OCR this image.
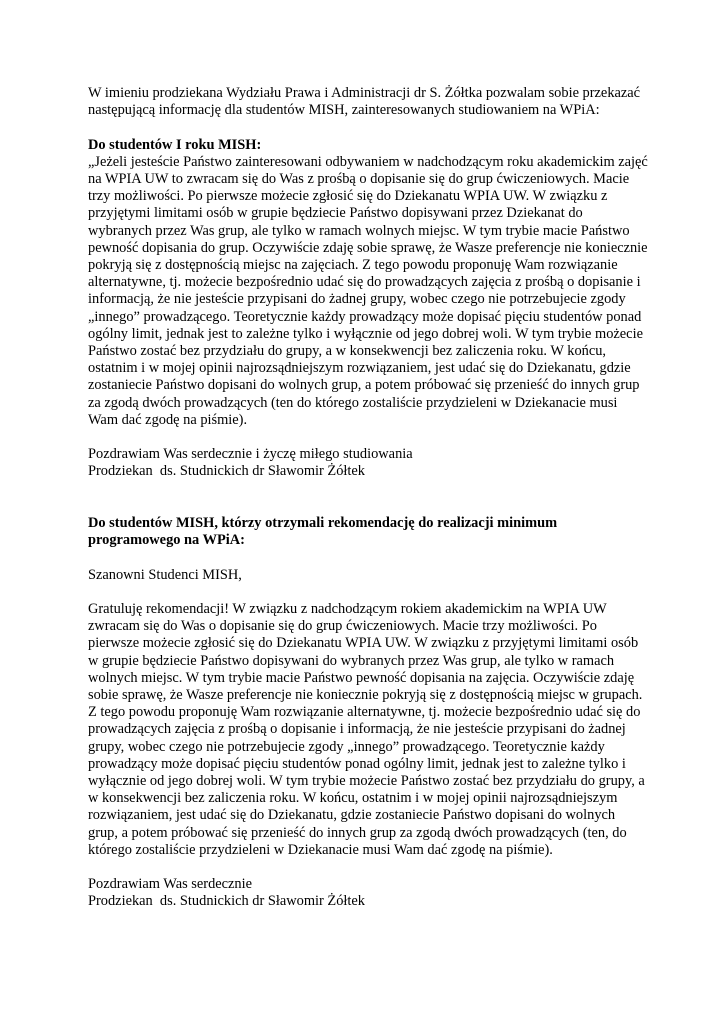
W imieniu prodziekana Wydziału Prawa i Administracji dr S. Żółtka pozwalam sobie przekazać następującą informację dla studentów MISH, zainteresowanych studiowaniem na WPiA:

Do studentów I roku MISH:

„Jeżeli jesteście Państwo zainteresowani odbywaniem w nadchodzącym roku akademickim zajęć na WPIA UW to zwracam się do Was z prośbą o dopisanie się do grup ćwiczeniowych. Macie trzy możliwości. Po pierwsze możecie zgłosić się do Dziekanatu WPIA UW. W związku z przyjętymi limitami osób w grupie będziecie Państwo dopisywani przez Dziekanat do wybranych przez Was grup, ale tylko w ramach wolnych miejsc. W tym trybie macie Państwo pewność dopisania do grup. Oczywiście zdaję sobie sprawę, że Wasze preferencje nie koniecznie pokryją się z dostępnością miejsc na zajęciach. Z tego powodu proponuję Wam rozwiązanie alternatywne, tj. możecie bezpośrednio udać się do prowadzących zajęcia z prośbą o dopisanie i informacją, że nie jesteście przypisani do żadnej grupy, wobec czego nie potrzebujecie zgody „innego” prowadzącego. Teoretycznie każdy prowadzący może dopisać pięciu studentów ponad ogólny limit, jednak jest to zależne tylko i wyłącznie od jego dobrej woli. W tym trybie możecie Państwo zostać bez przydziału do grupy, a w konsekwencji bez zaliczenia roku. W końcu, ostatnim i w mojej opinii najrozsądniejszym rozwiązaniem, jest udać się do Dziekanatu, gdzie zostaniecie Państwo dopisani do wolnych grup, a potem próbować się przenieść do innych grup za zgodą dwóch prowadzących (ten do którego zostaliście przydzieleni w Dziekanacie musi Wam dać zgodę na piśmie).

Pozdrawiam Was serdecznie i życzę miłego studiowania

Prodziekan  ds. Studnickich dr Sławomir Żółtek

Do studentów MISH, którzy otrzymali rekomendację do realizacji minimum programowego na WPiA:

Szanowni Studenci MISH,

Gratuluję rekomendacji! W związku z nadchodzącym rokiem akademickim na WPIA UW zwracam się do Was o dopisanie się do grup ćwiczeniowych. Macie trzy możliwości. Po pierwsze możecie zgłosić się do Dziekanatu WPIA UW. W związku z przyjętymi limitami osób w grupie będziecie Państwo dopisywani do wybranych przez Was grup, ale tylko w ramach wolnych miejsc. W tym trybie macie Państwo pewność dopisania na zajęcia. Oczywiście zdaję sobie sprawę, że Wasze preferencje nie koniecznie pokryją się z dostępnością miejsc w grupach. Z tego powodu proponuję Wam rozwiązanie alternatywne, tj. możecie bezpośrednio udać się do prowadzących zajęcia z prośbą o dopisanie i informacją, że nie jesteście przypisani do żadnej grupy, wobec czego nie potrzebujecie zgody „innego” prowadzącego. Teoretycznie każdy prowadzący może dopisać pięciu studentów ponad ogólny limit, jednak jest to zależne tylko i wyłącznie od jego dobrej woli. W tym trybie możecie Państwo zostać bez przydziału do grupy, a w konsekwencji bez zaliczenia roku. W końcu, ostatnim i w mojej opinii najrozsądniejszym rozwiązaniem, jest udać się do Dziekanatu, gdzie zostaniecie Państwo dopisani do wolnych grup, a potem próbować się przenieść do innych grup za zgodą dwóch prowadzących (ten, do którego zostaliście przydzieleni w Dziekanacie musi Wam dać zgodę na piśmie).

Pozdrawiam Was serdecznie

Prodziekan  ds. Studnickich dr Sławomir Żółtek
